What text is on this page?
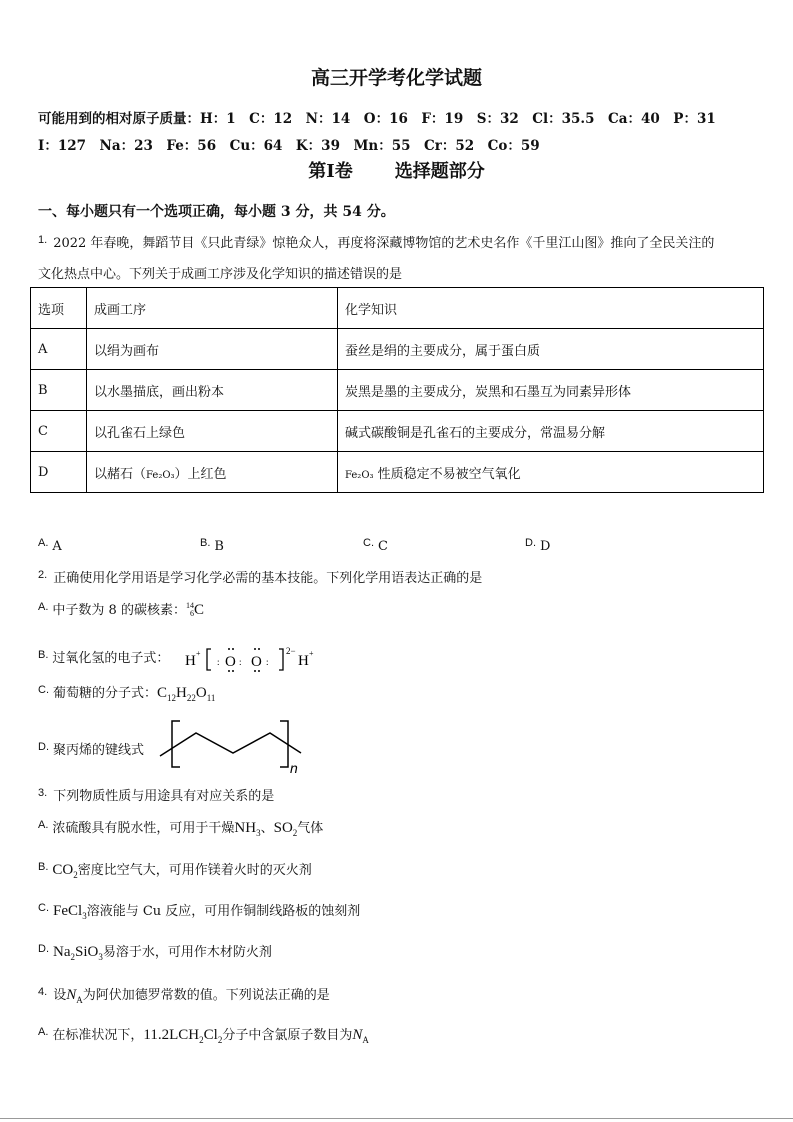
高三开学考化学试题
可能用到的相对原子质量：H：1　C：12　N：14　O：16　F：19　S：32　Cl：35.5　Ca：40　P：31
I：127　Na：23　Fe：56　Cu：64　K：39　Mn：55　Cr：52　Co：59
第Ⅰ卷 选择题部分
一、每小题只有一个选项正确，每小题 3 分，共 54 分。
$^{1.}$ 2022 年春晚，舞蹈节目《只此青绿》惊艳众人，再度将深藏博物馆的艺术史名作《千里江山图》推向了全民关注的
文化热点中心。下列关于成画工序涉及化学知识的描述错误的是
选项	成画工序	化学知识
A	以绢为画布	蚕丝是绢的主要成分，属于蛋白质
B	以水墨描底，画出粉本	炭黑是墨的主要成分，炭黑和石墨互为同素异形体
C	以孔雀石上绿色	碱式碳酸铜是孔雀石的主要成分，常温易分解
D	以赭石（Fe₂O₃）上红色	Fe₂O₃ 性质稳定不易被空气氧化
$^{A.}$ A	$^{B.}$ B	$^{C.}$ C	$^{D.}$ D
$^{2.}$ 正确使用化学用语是学习化学必需的基本技能。下列化学用语表达正确的是
$^{A.}$ 中子数为 8 的碳核素： 14
6 C
$^{B.}$ 过氧化氢的电子式： H +
: O : O :
2−
H +
$^{C.}$ 葡萄糖的分子式：$C_{12}H_{22}O_{11}$
$^{D.}$ 聚丙烯的键线式
n
$^{3.}$ 下列物质性质与用途具有对应关系的是
$^{A.}$ 浓硫酸具有脱水性，可用于干燥$NH_3$、$SO_2$气体
$^{B.}$ $CO_2$密度比空气大，可用作镁着火时的灭火剂
$^{C.}$ FeCl$_3$溶液能与 Cu 反应，可用作铜制线路板的蚀刻剂
$^{D.}$ $Na_2SiO_3$易溶于水，可用作木材防火剂
$^{4.}$ 设$N_A$为阿伏加德罗常数的值。下列说法正确的是
$^{A.}$ 在标准状况下，$11.2LCH_2Cl_2$分子中含氯原子数目为$N_A$
